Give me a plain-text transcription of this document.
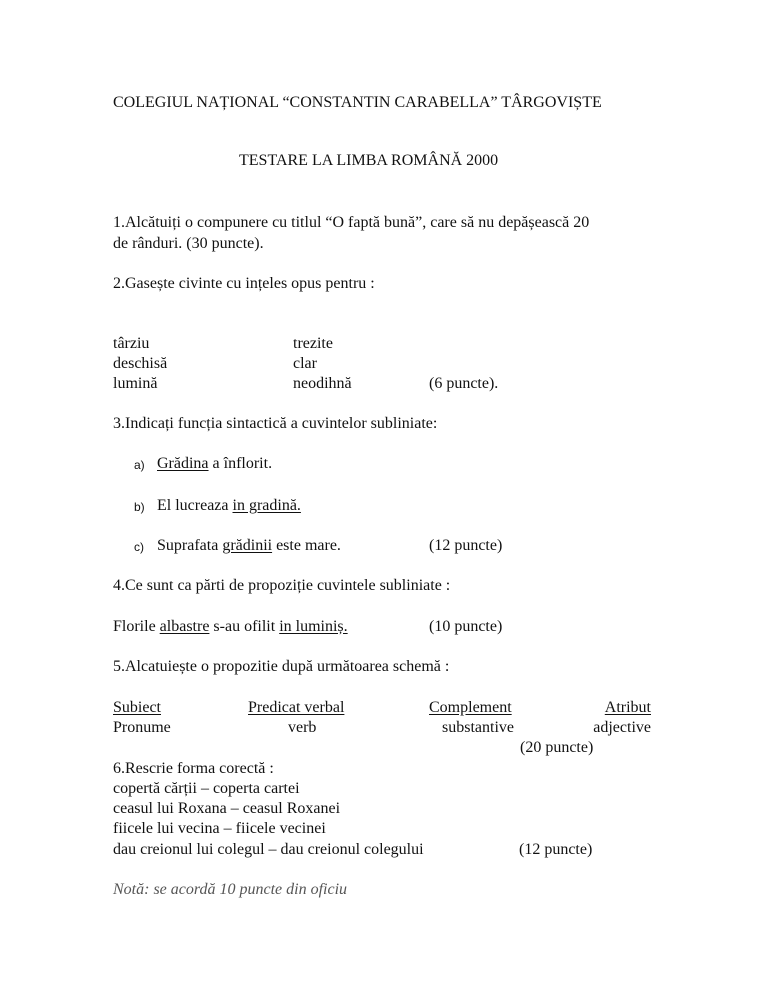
COLEGIUL NAȚIONAL “CONSTANTIN CARABELLA” TÂRGOVIȘTE
TESTARE LA LIMBA ROMÂNĂ 2000
1.Alcătuiți o compunere cu titlul “O faptă bună”, care să nu depășească 20
de rânduri. (30 puncte).
2.Gasește civinte cu ințeles opus pentru :
târziu	trezite
deschisă	clar
lumină	neodihnă	(6 puncte).
3.Indicați funcția sintactică a cuvintelor subliniate:
a) Grădina a înflorit.
b) El lucreaza in gradină.
c) Suprafata grădinii este mare.	(12 puncte)
4.Ce sunt ca părti de propoziție cuvintele subliniate :
Florile albastre s-au ofilit in luminiș.	(10 puncte)
5.Alcatuiește o propozitie după următoarea schemă :
Subiect	Predicat verbal	Complement	Atribut
Pronume	verb	substantive	adjective
(20 puncte)
6.Rescrie forma corectă :
copertă cărții – coperta cartei
ceasul lui Roxana – ceasul Roxanei
fiicele lui vecina – fiicele vecinei
dau creionul lui colegul – dau creionul colegului	(12 puncte)
Notă: se acordă 10 puncte din oficiu
